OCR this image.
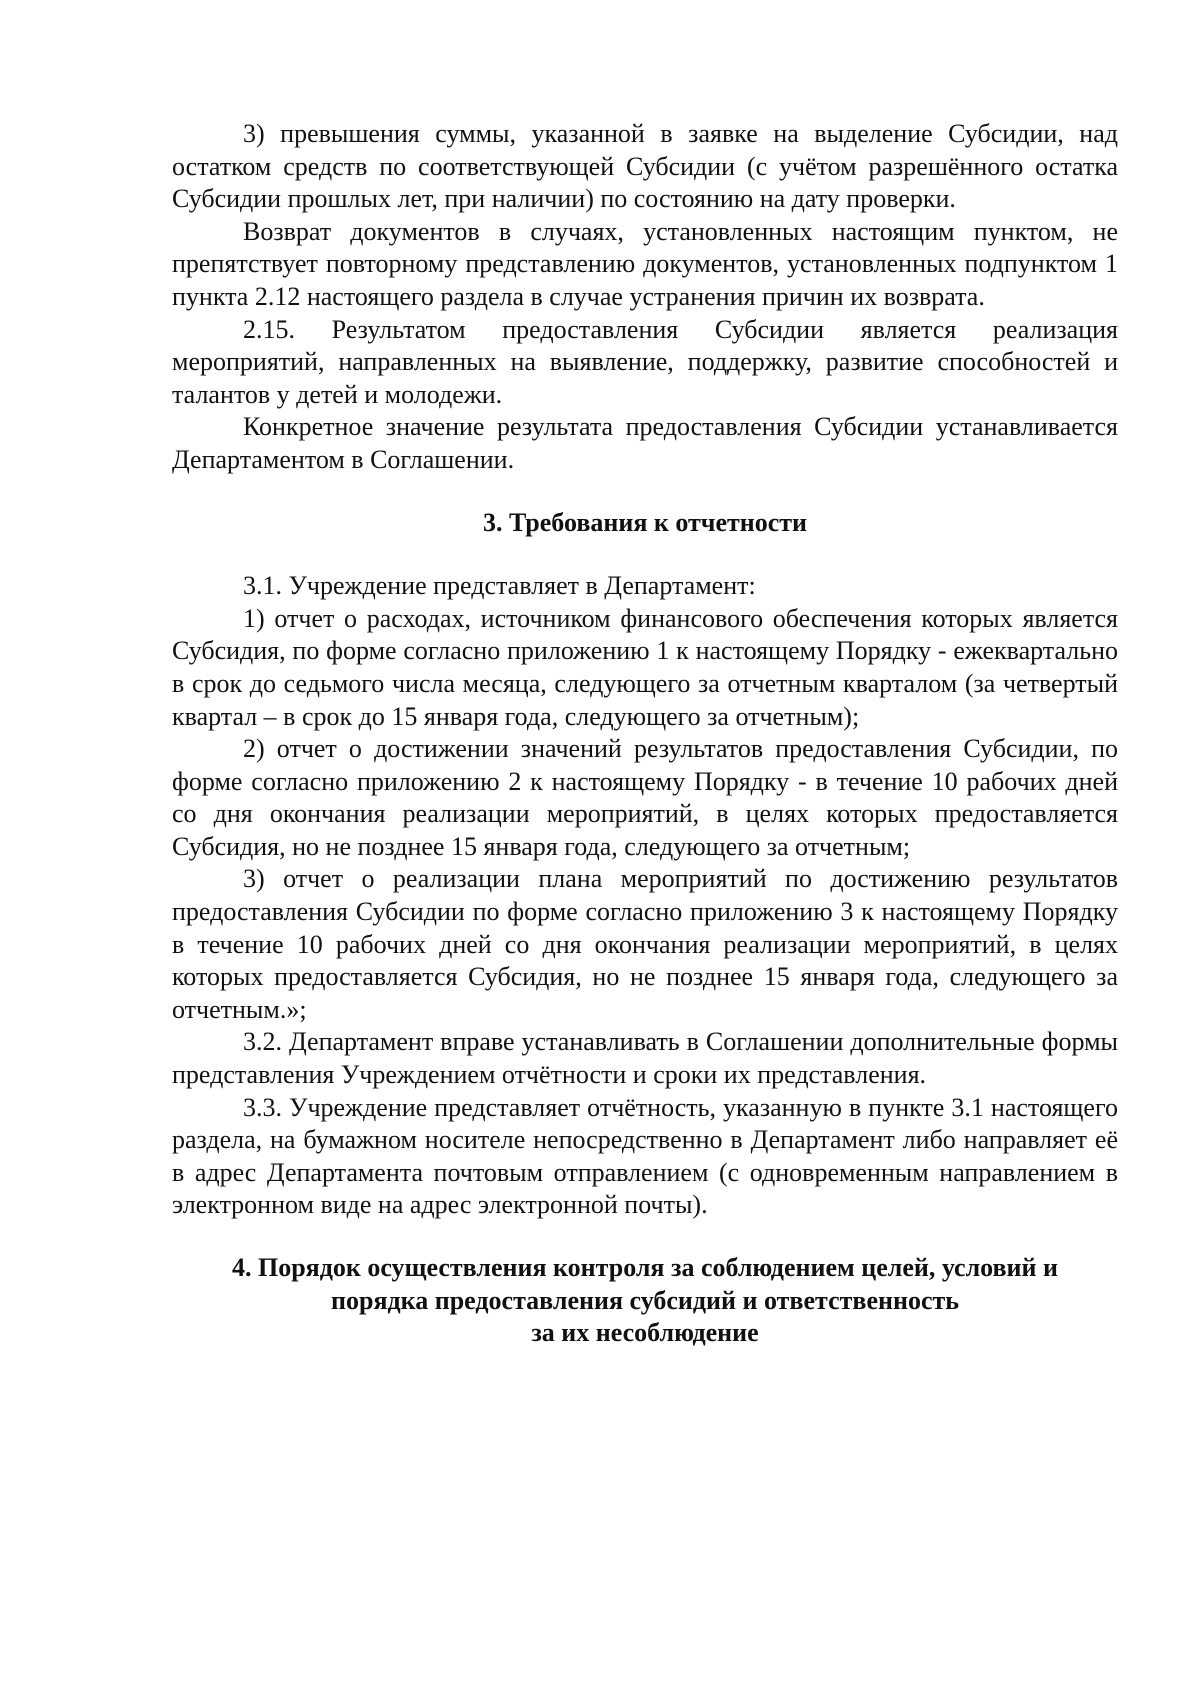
3) превышения суммы, указанной в заявке на выделение Субсидии, над остатком средств по соответствующей Субсидии (с учётом разрешённого остатка Субсидии прошлых лет, при наличии) по состоянию на дату проверки.

Возврат документов в случаях, установленных настоящим пунктом, не препятствует повторному представлению документов, установленных подпунктом 1 пункта 2.12 настоящего раздела в случае устранения причин их возврата.

2.15. Результатом предоставления Субсидии является реализация мероприятий, направленных на выявление, поддержку, развитие способностей и талантов у детей и молодежи.

Конкретное значение результата предоставления Субсидии устанавливается Департаментом в Соглашении.

3. Требования к отчетности

3.1. Учреждение представляет в Департамент:

1) отчет о расходах, источником финансового обеспечения которых является Субсидия, по форме согласно приложению 1 к настоящему Порядку - ежеквартально в срок до седьмого числа месяца, следующего за отчетным кварталом (за четвертый квартал – в срок до 15 января года, следующего за отчетным);

2) отчет о достижении значений результатов предоставления Субсидии, по форме согласно приложению 2 к настоящему Порядку - в течение 10 рабочих дней со дня окончания реализации мероприятий, в целях которых предоставляется Субсидия, но не позднее 15 января года, следующего за отчетным;

3) отчет о реализации плана мероприятий по достижению результатов предоставления Субсидии по форме согласно приложению 3 к настоящему Порядку в течение 10 рабочих дней со дня окончания реализации мероприятий, в целях которых предоставляется Субсидия, но не позднее 15 января года, следующего за отчетным.»;

3.2. Департамент вправе устанавливать в Соглашении дополнительные формы представления Учреждением отчётности и сроки их представления.

3.3. Учреждение представляет отчётность, указанную в пункте 3.1 настоящего раздела, на бумажном носителе непосредственно в Департамент либо направляет её в адрес Департамента почтовым отправлением (с одновременным направлением в электронном виде на адрес электронной почты).

4. Порядок осуществления контроля за соблюдением целей, условий и
порядка предоставления субсидий и ответственность
за их несоблюдение
